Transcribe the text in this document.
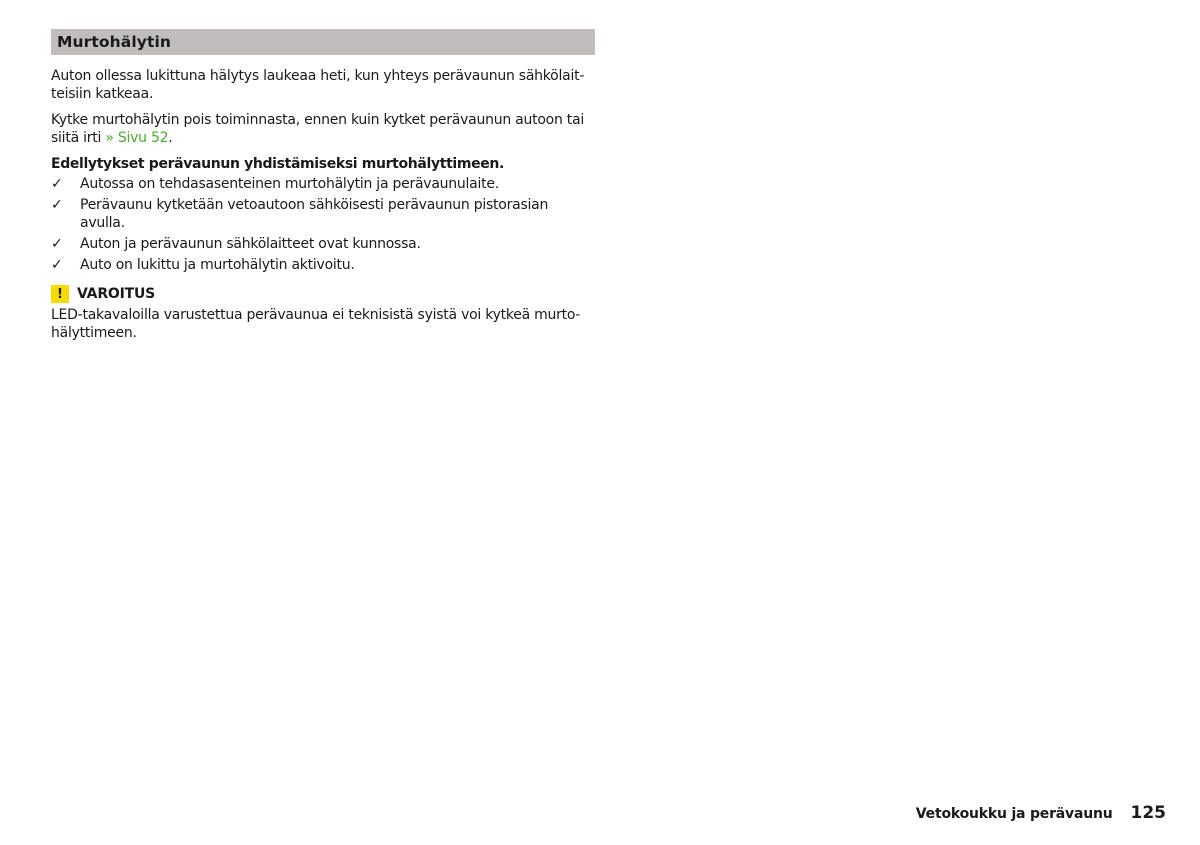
Murtohälytin

Auton ollessa lukittuna hälytys laukeaa heti, kun yhteys perävaunun sähkölaitteisiin katkeaa.

Kytke murtohälytin pois toiminnasta, ennen kuin kytket perävaunun autoon tai siitä irti » Sivu 52.

Edellytykset perävaunun yhdistämiseksi murtohälyttimeen.
✓	Autossa on tehdasasenteinen murtohälytin ja perävaunulaite.
✓	Perävaunu kytketään vetoautoon sähköisesti perävaunun pistorasian avulla.
✓	Auton ja perävaunun sähkölaitteet ovat kunnossa.
✓	Auto on lukittu ja murtohälytin aktivoitu.
! VAROITUS
LED-takavaloilla varustettua perävaunua ei teknisistä syistä voi kytkeä murtohälyttimeen.
Vetokoukku ja perävaunu 125
